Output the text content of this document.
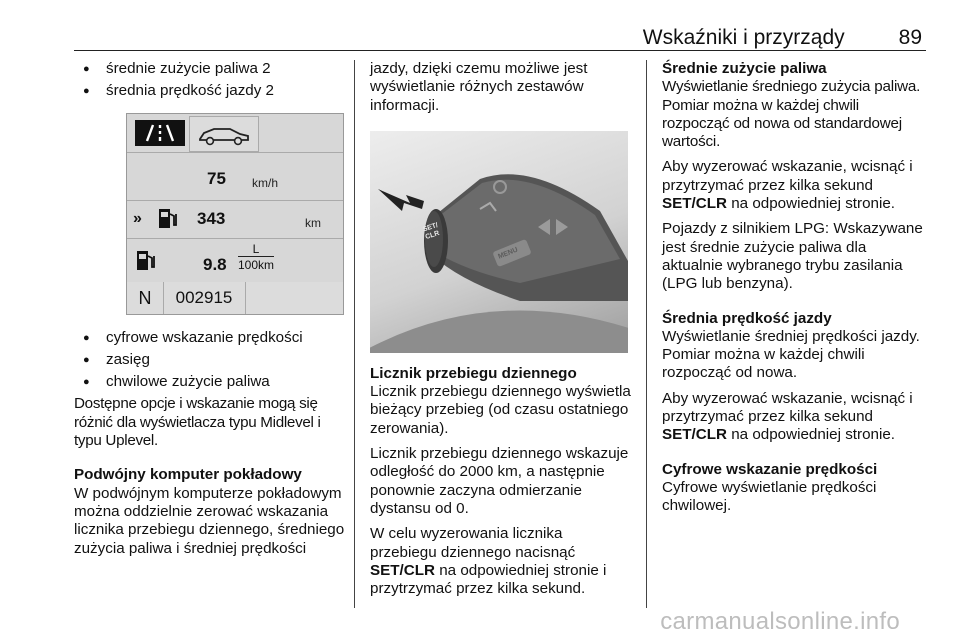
Wskaźniki i przyrządy	89
● średnie zużycie paliwa 2
● średnia prędkość jazdy 2
75 km/h
»	343	km
9.8
L
100km
N	002915
● cyfrowe wskazanie prędkości
● zasięg
● chwilowe zużycie paliwa

Dostępne opcje i wskazanie mogą się różnić dla wyświetlacza typu Midlevel i typu Uplevel.

Podwójny komputer pokładowy

W podwójnym komputerze pokładowym można oddzielnie zerować wskazania licznika przebiegu dziennego, średniego zużycia paliwa i średniej prędkości

jazdy, dzięki czemu możliwe jest wyświetlanie różnych zestawów informacji.

SET/ CLR
MENU
Licznik przebiegu dziennego

Licznik przebiegu dziennego wyświetla bieżący przebieg (od czasu ostatniego zerowania).

Licznik przebiegu dziennego wskazuje odległość do 2000 km, a następnie ponownie zaczyna odmierzanie dystansu od 0.

W celu wyzerowania licznika przebiegu dziennego nacisnąć SET/CLR na odpowiedniej stronie i przytrzymać przez kilka sekund.

Średnie zużycie paliwa

Wyświetlanie średniego zużycia paliwa. Pomiar można w każdej chwili rozpocząć od nowa od standardowej wartości.

Aby wyzerować wskazanie, wcisnąć i przytrzymać przez kilka sekund SET/CLR na odpowiedniej stronie.

Pojazdy z silnikiem LPG: Wskazywane jest średnie zużycie paliwa dla aktualnie wybranego trybu zasilania (LPG lub benzyna).

Średnia prędkość jazdy

Wyświetlanie średniej prędkości jazdy. Pomiar można w każdej chwili rozpocząć od nowa.

Aby wyzerować wskazanie, wcisnąć i przytrzymać przez kilka sekund SET/CLR na odpowiedniej stronie.

Cyfrowe wskazanie prędkości

Cyfrowe wyświetlanie prędkości chwilowej.

carmanualsonline.info
